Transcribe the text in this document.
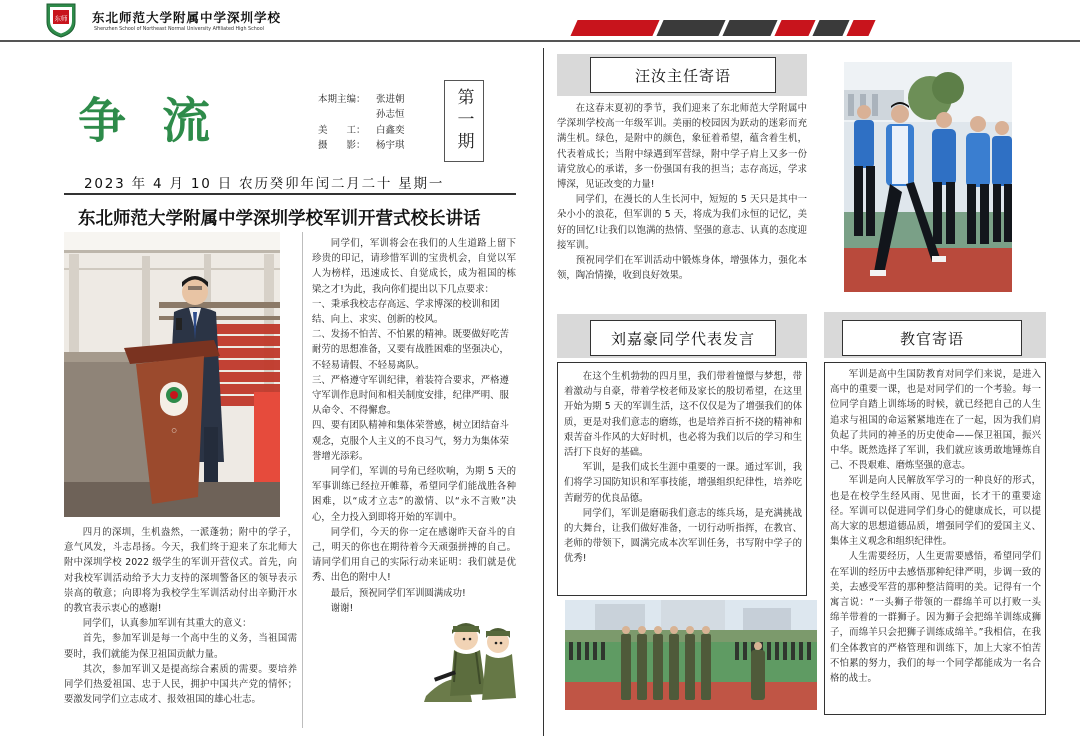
东师 东北师范大学附属中学深圳学校
Shenzhen School of Northeast Normal University Affiliated High School
争流	本期主编：	张进朝
孙志恒
美　　工：	白鑫奕
摄　　影：	杨宇琪	第一期
2023 年 4 月 10 日 农历癸卯年闰二月二十 星期一
东北师范大学附属中学深圳学校军训开营式校长讲话
○

四月的深圳，生机盎然，一派蓬勃；附中的学子，意气风发，斗志昂扬。今天，我们终于迎来了东北师大附中深圳学校 2022 级学生的军训开营仪式。首先，向对我校军训活动给予大力支持的深圳警备区的领导表示崇高的敬意；向即将为我校学生军训活动付出辛勤汗水的教官表示衷心的感谢!

同学们，认真参加军训有其重大的意义：

首先，参加军训是每一个高中生的义务，当祖国需要时，我们就能为保卫祖国贡献力量。

其次，参加军训又是提高综合素质的需要。要培养同学们热爱祖国、忠于人民，拥护中国共产党的情怀；要激发同学们立志成才、报效祖国的雄心壮志。

同学们，军训将会在我们的人生道路上留下珍贵的印记，请珍惜军训的宝贵机会，自觉以军人为榜样，迅速成长、自觉成长，成为祖国的栋梁之才!为此，我向你们提出以下几点要求：

一、秉承我校志存高远、学求博深的校训和团结、向上、求实、创新的校风。

二、发扬不怕苦、不怕累的精神。既要做好吃苦耐劳的思想准备，又要有战胜困难的坚强决心，不轻易请假、不轻易离队。

三、严格遵守军训纪律，着装符合要求，严格遵守军训作息时间和相关制度安排，纪律严明、服从命令、不得懈怠。

四、要有团队精神和集体荣誉感，树立团结奋斗观念，克服个人主义的不良习气，努力为集体荣誉增光添彩。

同学们，军训的号角已经吹响，为期 5 天的军事训练已经拉开帷幕，希望同学们能战胜各种困难，以“成才立志”的激情、以“永不言败”决心，全力投入到即将开始的军训中。

同学们，今天的你一定在感谢昨天奋斗的自己，明天的你也在期待着今天顽强拼搏的自己。请同学们用自己的实际行动来证明：我们就是优秀、出色的附中人!

最后，预祝同学们军训圆满成功!

谢谢!

汪汝主任寄语

在这春末夏初的季节，我们迎来了东北师范大学附属中学深圳学校高一年级军训。美丽的校园因为跃动的迷彩而充满生机。绿色，是附中的颜色，象征着希望，蕴含着生机，代表着成长；当附中绿遇到军营绿，附中学子肩上又多一份请党放心的承诺，多一份强国有我的担当；志存高远，学求博深，见证改变的力量!

同学们，在漫长的人生长河中，短短的 5 天只是其中一朵小小的浪花，但军训的 5 天，将成为我们永恒的记忆，美好的回忆!让我们以饱满的热情、坚强的意志、认真的态度迎接军训。

预祝同学们在军训活动中锻炼身体，增强体力，强化本领，陶冶情操，收到良好效果。

刘嘉豪同学代表发言

在这个生机勃勃的四月里，我们带着憧憬与梦想，带着激动与自豪，带着学校老师及家长的殷切希望，在这里开始为期 5 天的军训生活，这不仅仅是为了增强我们的体质，更是对我们意志的磨练，也是培养百折不挠的精神和艰苦奋斗作风的大好时机，也必将为我们以后的学习和生活打下良好的基础。

军训，是我们成长生涯中重要的一课。通过军训，我们将学习国防知识和军事技能，增强组织纪律性，培养吃苦耐劳的优良品德。

同学们，军训是磨砺我们意志的练兵场，是充满挑战的大舞台，让我们做好准备，一切行动听指挥，在教官、老师的带领下，圆满完成本次军训任务，书写附中学子的优秀!

教官寄语

军训是高中生国防教育对同学们来说，是进入高中的重要一课，也是对同学们的一个考验。每一位同学自踏上训练场的时候，就已经把自己的人生追求与祖国的命运紧紧地连在了一起，因为我们肩负起了共同的神圣的历史使命——保卫祖国，振兴中华。既然选择了军训，我们就应该勇敢地锤炼自己、不畏艰难、磨炼坚强的意志。

军训是向人民解放军学习的一种良好的形式，也是在校学生经风雨、见世面，长才干的重要途径。军训可以促进同学们身心的健康成长，可以提高大家的思想道德品质，增强同学们的爱国主义、集体主义观念和组织纪律性。

人生需要经历，人生更需要感悟，希望同学们在军训的经历中去感悟那种纪律严明，步调一致的美，去感受军营的那种整洁简明的美。记得有一个寓言说：“一头狮子带领的一群绵羊可以打败一头绵羊带着的一群狮子。因为狮子会把绵羊训练成狮子，而绵羊只会把狮子训练成绵羊。”我相信，在我们全体教官的严格管理和训练下，加上大家不怕苦不怕累的努力，我们的每一个同学都能成为一名合格的战士。
